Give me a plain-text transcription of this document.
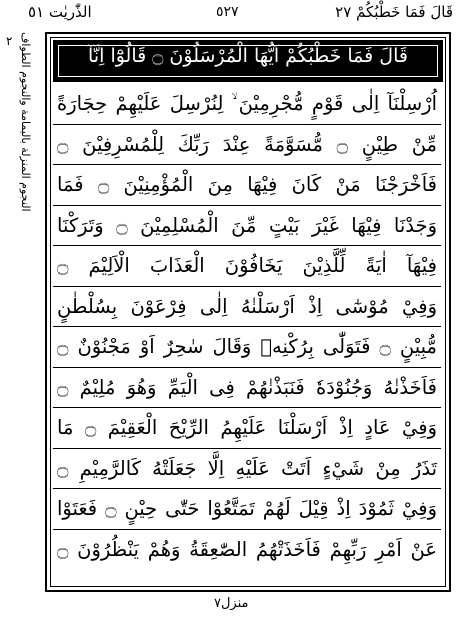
قَالَ فَمَا خَطْبُكُمْ ٢٧
٥٢٧
الذّٰريٰت ٥١
٢ النجوم المنزلة باليمامة والنجوم الطواف	قَالَ فَمَا خَطْبُكُمْ اَيُّهَا الْمُرْسَلُوْنَ ۝ قَالُوْٓا اِنَّآ
اُرْسِلْنَآ اِلٰى قَوْمٍ مُّجْرِمِيْنَ ۙ لِنُرْسِلَ عَلَيْهِمْ حِجَارَةً
مِّنْ طِيْنٍ ۝ مُّسَوَّمَةً عِنْدَ رَبِّكَ لِلْمُسْرِفِيْنَ ۝
فَاَخْرَجْنَا مَنْ كَانَ فِيْهَا مِنَ الْمُؤْمِنِيْنَ ۝ فَمَا
وَجَدْنَا فِيْهَا غَيْرَ بَيْتٍ مِّنَ الْمُسْلِمِيْنَ ۝ وَتَرَكْنَا
فِيْهَآ اٰيَةً لِّلَّذِيْنَ يَخَافُوْنَ الْعَذَابَ الْاَلِيْمَ ۝
وَفِيْ مُوْسٰٓى اِذْ اَرْسَلْنٰهُ اِلٰى فِرْعَوْنَ بِسُلْطٰنٍ
مُّبِيْنٍ ۝ فَتَوَلّٰى بِرُكْنِهٖ وَقَالَ سٰحِرٌ اَوْ مَجْنُوْنٌ ۝
فَاَخَذْنٰهُ وَجُنُوْدَهٗ فَنَبَذْنٰهُمْ فِى الْيَمِّ وَهُوَ مُلِيْمٌ ۝
وَفِيْ عَادٍ اِذْ اَرْسَلْنَا عَلَيْهِمُ الرِّيْحَ الْعَقِيْمَ ۝ مَا
تَذَرُ مِنْ شَيْءٍ اَتَتْ عَلَيْهِ اِلَّا جَعَلَتْهُ كَالرَّمِيْمِ ۝
وَفِيْ ثَمُوْدَ اِذْ قِيْلَ لَهُمْ تَمَتَّعُوْا حَتّٰى حِيْنٍ ۝ فَعَتَوْا
عَنْ اَمْرِ رَبِّهِمْ فَاَخَذَتْهُمُ الصّٰعِقَةُ وَهُمْ يَنْظُرُوْنَ ۝
منزل٧
